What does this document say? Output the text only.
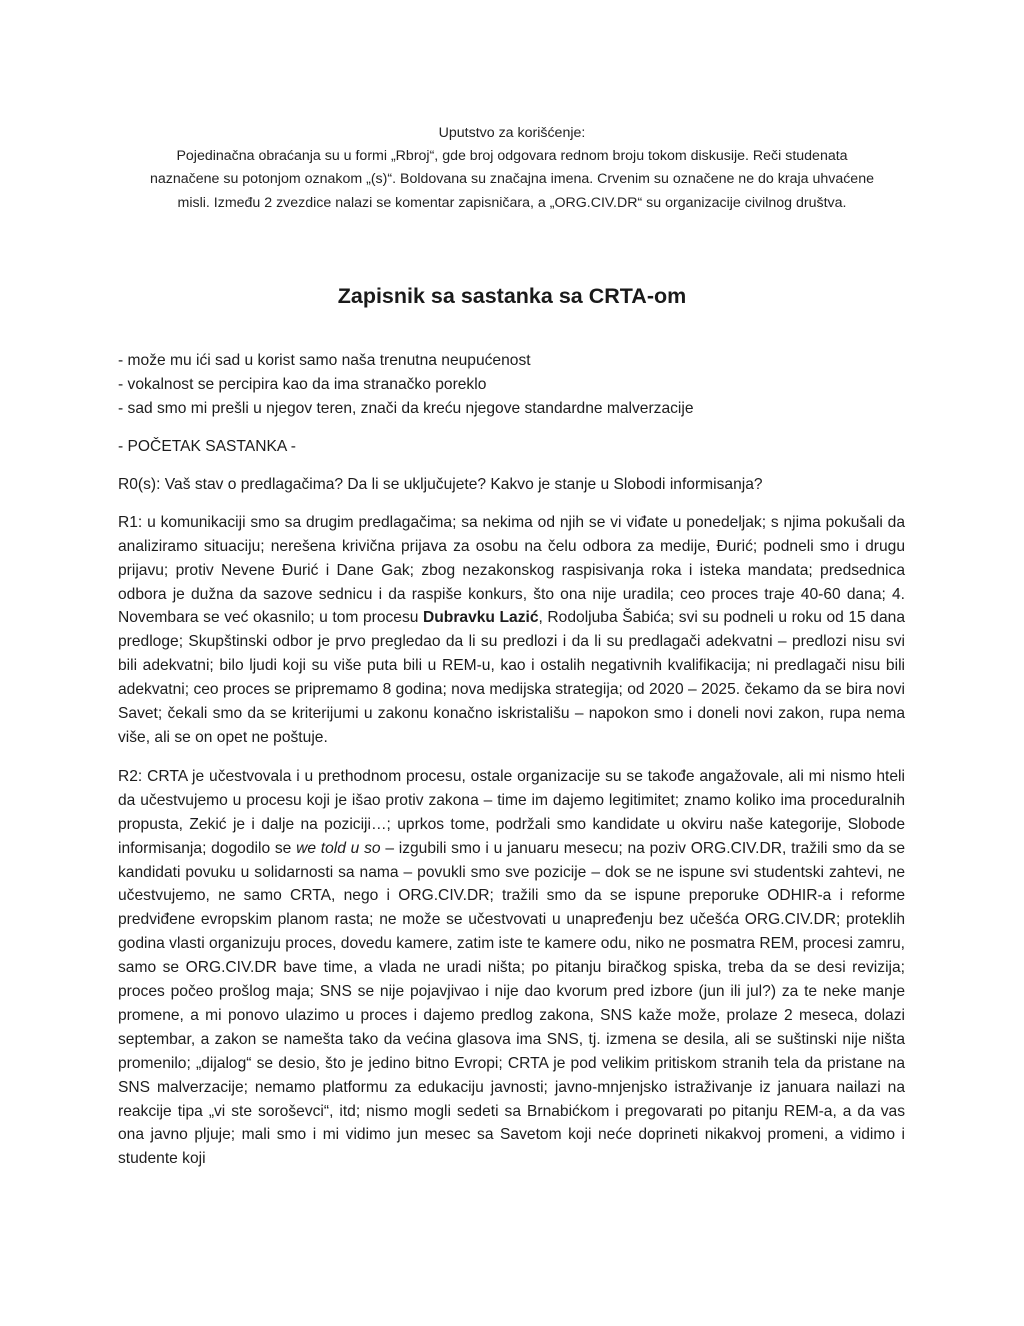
Uputstvo za korišćenje:

Pojedinačna obraćanja su u formi „Rbroj“, gde broj odgovara rednom broju tokom diskusije. Reči studenata naznačene su potonjom oznakom „(s)“. Boldovana su značajna imena. Crvenim su označene ne do kraja uhvaćene misli. Između 2 zvezdice nalazi se komentar zapisničara, a „ORG.CIV.DR“ su organizacije civilnog društva.

Zapisnik sa sastanka sa CRTA-om
- može mu ići sad u korist samo naša trenutna neupućenost
- vokalnost se percipira kao da ima stranačko poreklo
- sad smo mi prešli u njegov teren, znači da kreću njegove standardne malverzacije

- POČETAK SASTANKA -

R0(s): Vaš stav o predlagačima? Da li se uključujete? Kakvo je stanje u Slobodi informisanja?

R1: u komunikaciji smo sa drugim predlagačima; sa nekima od njih se vi viđate u ponedeljak; s njima pokušali da analiziramo situaciju; nerešena krivična prijava za osobu na čelu odbora za medije, Đurić; podneli smo i drugu prijavu; protiv Nevene Đurić i Dane Gak; zbog nezakonskog raspisivanja roka i isteka mandata; predsednica odbora je dužna da sazove sednicu i da raspiše konkurs, što ona nije uradila; ceo proces traje 40-60 dana; 4. Novembara se već okasnilo; u tom procesu Dubravku Lazić, Rodoljuba Šabića; svi su podneli u roku od 15 dana predloge; Skupštinski odbor je prvo pregledao da li su predlozi i da li su predlagači adekvatni – predlozi nisu svi bili adekvatni; bilo ljudi koji su više puta bili u REM-u, kao i ostalih negativnih kvalifikacija; ni predlagači nisu bili adekvatni; ceo proces se pripremamo 8 godina; nova medijska strategija; od 2020 – 2025. čekamo da se bira novi Savet; čekali smo da se kriterijumi u zakonu konačno iskristališu – napokon smo i doneli novi zakon, rupa nema više, ali se on opet ne poštuje.

R2: CRTA je učestvovala i u prethodnom procesu, ostale organizacije su se takođe angažovale, ali mi nismo hteli da učestvujemo u procesu koji je išao protiv zakona – time im dajemo legitimitet; znamo koliko ima proceduralnih propusta, Zekić je i dalje na poziciji…; uprkos tome, podržali smo kandidate u okviru naše kategorije, Slobode informisanja; dogodilo se we told u so – izgubili smo i u januaru mesecu; na poziv ORG.CIV.DR, tražili smo da se kandidati povuku u solidarnosti sa nama – povukli smo sve pozicije – dok se ne ispune svi studentski zahtevi, ne učestvujemo, ne samo CRTA, nego i ORG.CIV.DR; tražili smo da se ispune preporuke ODHIR-a i reforme predviđene evropskim planom rasta; ne može se učestvovati u unapređenju bez učešća ORG.CIV.DR; proteklih godina vlasti organizuju proces, dovedu kamere, zatim iste te kamere odu, niko ne posmatra REM, procesi zamru, samo se ORG.CIV.DR bave time, a vlada ne uradi ništa; po pitanju biračkog spiska, treba da se desi revizija; proces počeo prošlog maja; SNS se nije pojavjivao i nije dao kvorum pred izbore (jun ili jul?) za te neke manje promene, a mi ponovo ulazimo u proces i dajemo predlog zakona, SNS kaže može, prolaze 2 meseca, dolazi septembar, a zakon se namešta tako da većina glasova ima SNS, tj. izmena se desila, ali se suštinski nije ništa promenilo; „dijalog“ se desio, što je jedino bitno Evropi; CRTA je pod velikim pritiskom stranih tela da pristane na SNS malverzacije; nemamo platformu za edukaciju javnosti; javno-mnjenjsko istraživanje iz januara nailazi na reakcije tipa „vi ste soroševci“, itd; nismo mogli sedeti sa Brnabićkom i pregovarati po pitanju REM-a, a da vas ona javno pljuje; mali smo i mi vidimo jun mesec sa Savetom koji neće doprineti nikakvoj promeni, a vidimo i studente koji
